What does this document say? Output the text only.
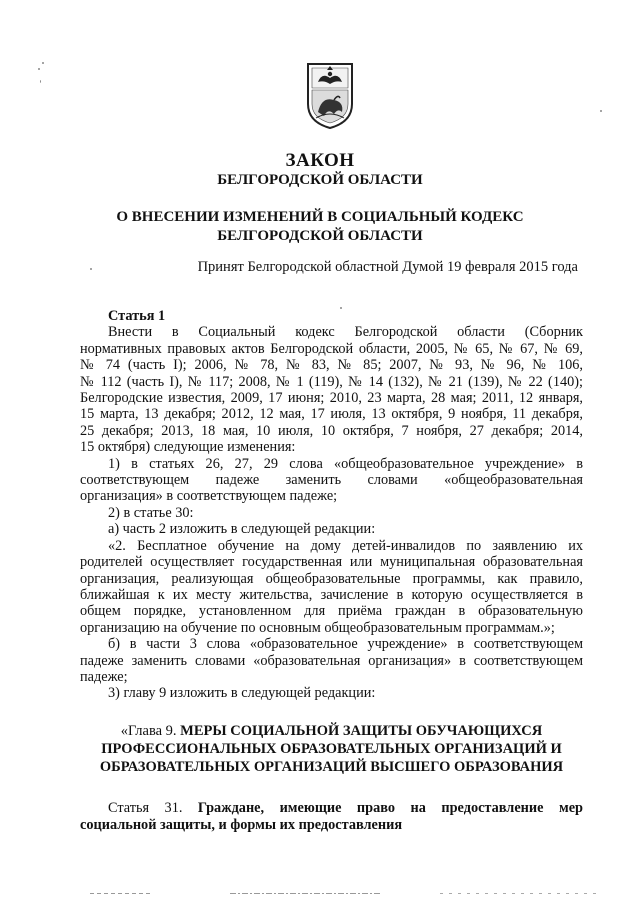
ЗАКОН
БЕЛГОРОДСКОЙ ОБЛАСТИ
О ВНЕСЕНИИ ИЗМЕНЕНИЙ В СОЦИАЛЬНЫЙ КОДЕКС
БЕЛГОРОДСКОЙ ОБЛАСТИ
Принят Белгородской областной Думой 19 февраля 2015 года
Статья 1
Внести в Социальный кодекс Белгородской области (Сборник
нормативных правовых актов Белгородской области, 2005, № 65, № 67, № 69,
№ 74 (часть I); 2006, № 78, № 83, № 85; 2007, № 93, № 96, № 106,
№ 112 (часть I), № 117; 2008, № 1 (119), № 14 (132), № 21 (139), № 22 (140);
Белгородские известия, 2009, 17 июня; 2010, 23 марта, 28 мая; 2011, 12 января,
15 марта, 13 декабря; 2012, 12 мая, 17 июля, 13 октября, 9 ноября, 11 декабря,
25 декабря; 2013, 18 мая, 10 июля, 10 октября, 7 ноября, 27 декабря; 2014,
15 октября) следующие изменения:
1) в статьях 26, 27, 29 слова «общеобразовательное учреждение» в
соответствующем падеже заменить словами «общеобразовательная
организация» в соответствующем падеже;
2) в статье 30:
а) часть 2 изложить в следующей редакции:
«2. Бесплатное обучение на дому детей-инвалидов по заявлению их
родителей осуществляет государственная или муниципальная образовательная
организация, реализующая общеобразовательные программы, как правило,
ближайшая к их месту жительства, зачисление в которую осуществляется в
общем порядке, установленном для приёма граждан в образовательную
организацию на обучение по основным общеобразовательным программам.»;
б) в части 3 слова «образовательное учреждение» в соответствующем
падеже заменить словами «образовательная организация» в соответствующем
падеже;
3) главу 9 изложить в следующей редакции:
«Глава 9. МЕРЫ СОЦИАЛЬНОЙ ЗАЩИТЫ ОБУЧАЮЩИХСЯ
ПРОФЕССИОНАЛЬНЫХ ОБРАЗОВАТЕЛЬНЫХ ОРГАНИЗАЦИЙ И
ОБРАЗОВАТЕЛЬНЫХ ОРГАНИЗАЦИЙ ВЫСШЕГО ОБРАЗОВАНИЯ
Статья 31. Граждане, имеющие право на предоставление мер
социальной защиты, и формы их предоставления
